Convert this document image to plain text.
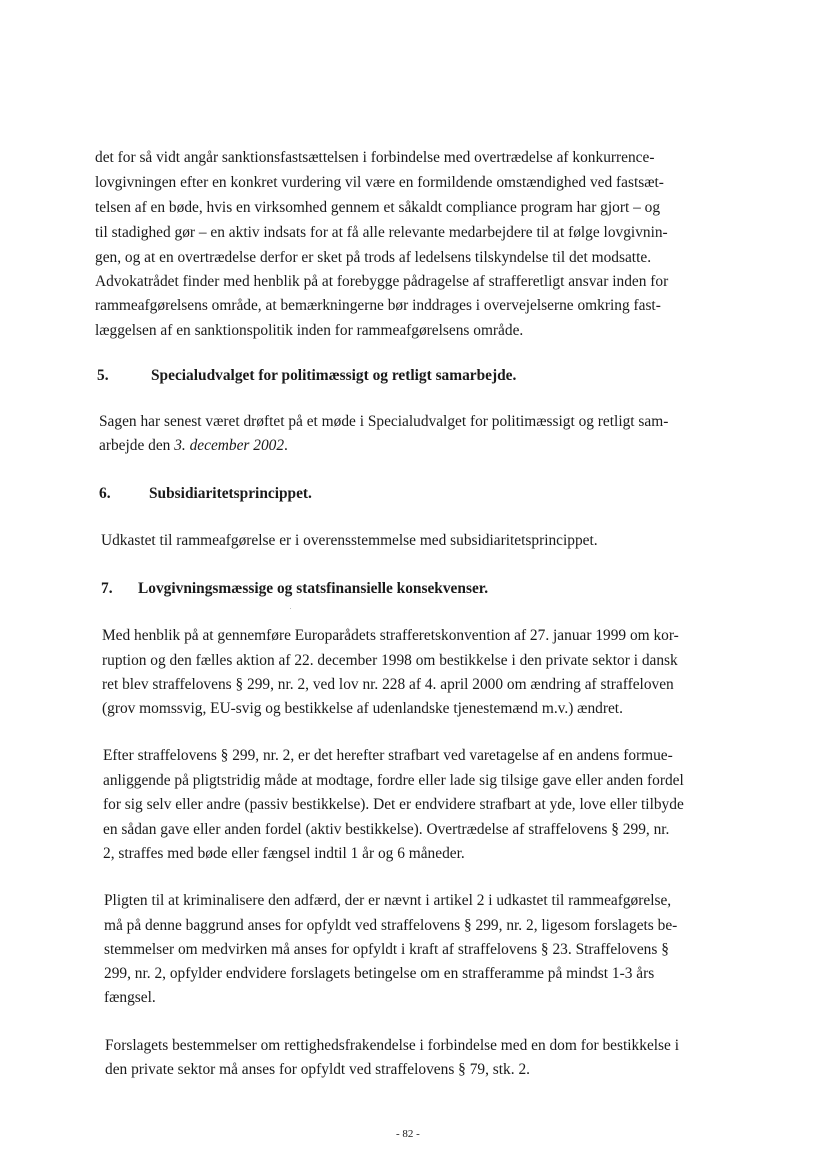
det for så vidt angår sanktionsfastsættelsen i forbindelse med overtrædelse af konkurrence-
lovgivningen efter en konkret vurdering vil være en formildende omstændighed ved fastsæt-
telsen af en bøde, hvis en virksomhed gennem et såkaldt compliance program har gjort – og
til stadighed gør – en aktiv indsats for at få alle relevante medarbejdere til at følge lovgivnin-
gen, og at en overtrædelse derfor er sket på trods af ledelsens tilskyndelse til det modsatte.
Advokatrådet finder med henblik på at forebygge pådragelse af strafferetligt ansvar inden for
rammeafgørelsens område, at bemærkningerne bør inddrages i overvejelserne omkring fast-
læggelsen af en sanktionspolitik inden for rammeafgørelsens område.
5.	Specialudvalget for politimæssigt og retligt samarbejde.
Sagen har senest været drøftet på et møde i Specialudvalget for politimæssigt og retligt sam-
arbejde den 3. december 2002.
6. Subsidiaritetsprincippet.
Udkastet til rammeafgørelse er i overensstemmelse med subsidiaritetsprincippet.
7. Lovgivningsmæssige og statsfinansielle konsekvenser.
Med henblik på at gennemføre Europarådets strafferetskonvention af 27. januar 1999 om kor-
ruption og den fælles aktion af 22. december 1998 om bestikkelse i den private sektor i dansk
ret blev straffelovens § 299, nr. 2, ved lov nr. 228 af 4. april 2000 om ændring af straffeloven
(grov momssvig, EU-svig og bestikkelse af udenlandske tjenestemænd m.v.) ændret.
Efter straffelovens § 299, nr. 2, er det herefter strafbart ved varetagelse af en andens formue-
anliggende på pligtstridig måde at modtage, fordre eller lade sig tilsige gave eller anden fordel
for sig selv eller andre (passiv bestikkelse). Det er endvidere strafbart at yde, love eller tilbyde
en sådan gave eller anden fordel (aktiv bestikkelse). Overtrædelse af straffelovens § 299, nr.
2, straffes med bøde eller fængsel indtil 1 år og 6 måneder.
Pligten til at kriminalisere den adfærd, der er nævnt i artikel 2 i udkastet til rammeafgørelse,
må på denne baggrund anses for opfyldt ved straffelovens § 299, nr. 2, ligesom forslagets be-
stemmelser om medvirken må anses for opfyldt i kraft af straffelovens § 23. Straffelovens §
299, nr. 2, opfylder endvidere forslagets betingelse om en strafferamme på mindst 1-3 års
fængsel.
Forslagets bestemmelser om rettighedsfrakendelse i forbindelse med en dom for bestikkelse i
den private sektor må anses for opfyldt ved straffelovens § 79, stk. 2.
- 82 -
